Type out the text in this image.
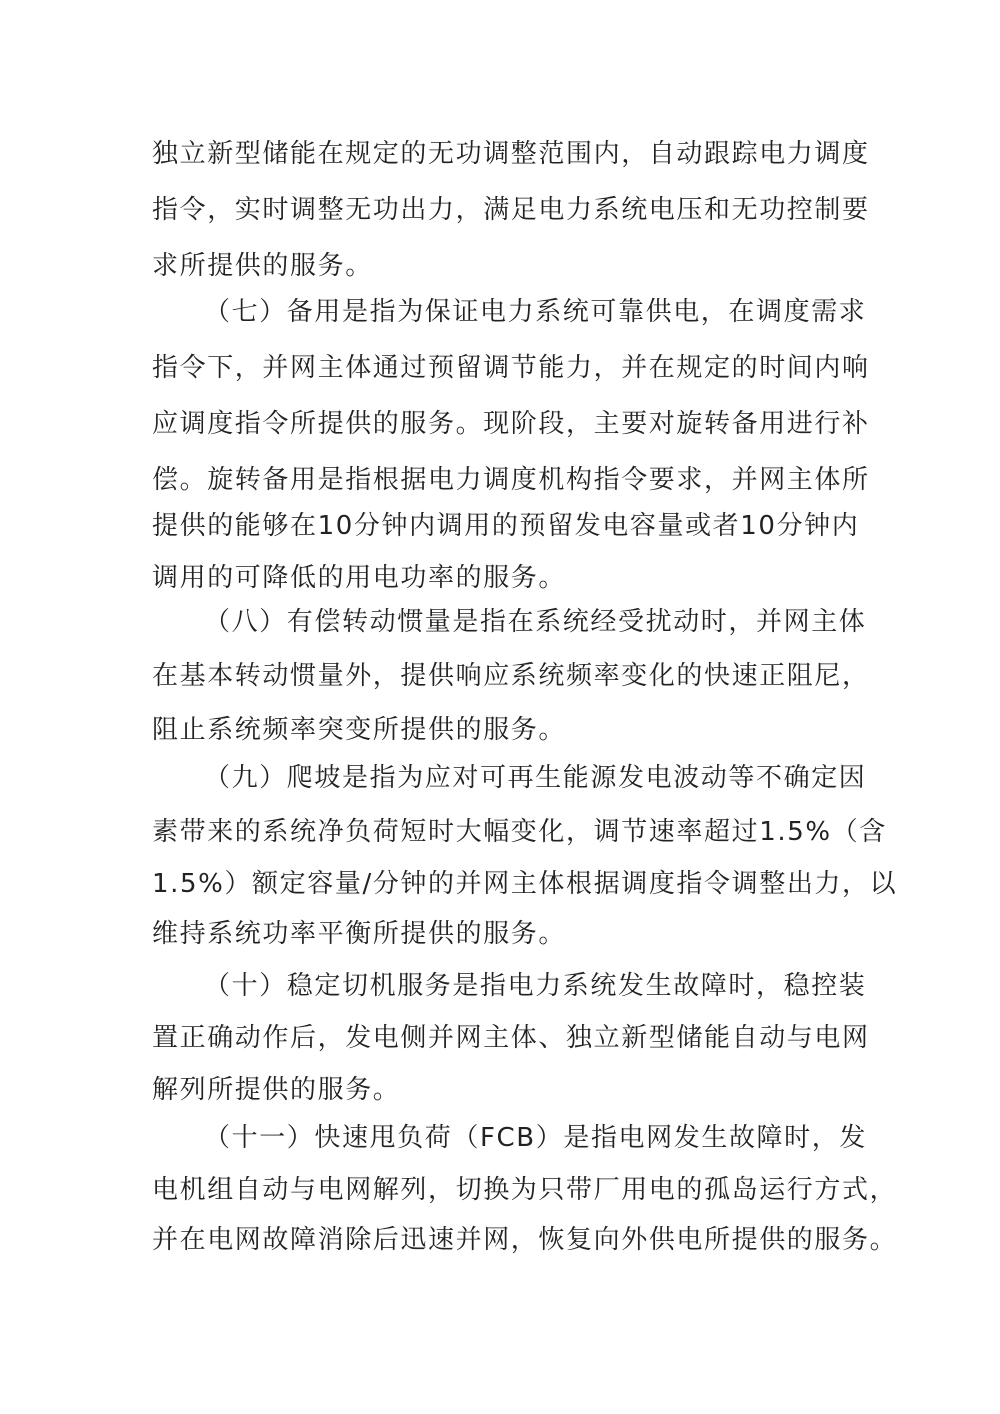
独立新型储能在规定的无功调整范围内，自动跟踪电力调度
指令，实时调整无功出力，满足电力系统电压和无功控制要
求所提供的服务。
（七）备用是指为保证电力系统可靠供电，在调度需求
指令下，并网主体通过预留调节能力，并在规定的时间内响
应调度指令所提供的服务。现阶段，主要对旋转备用进行补
偿。旋转备用是指根据电力调度机构指令要求，并网主体所
提供的能够在10分钟内调用的预留发电容量或者10分钟内
调用的可降低的用电功率的服务。
（八）有偿转动惯量是指在系统经受扰动时，并网主体
在基本转动惯量外，提供响应系统频率变化的快速正阻尼，
阻止系统频率突变所提供的服务。
（九）爬坡是指为应对可再生能源发电波动等不确定因
素带来的系统净负荷短时大幅变化，调节速率超过1.5%（含
1.5%）额定容量/分钟的并网主体根据调度指令调整出力，以
维持系统功率平衡所提供的服务。
（十）稳定切机服务是指电力系统发生故障时，稳控装
置正确动作后，发电侧并网主体、独立新型储能自动与电网
解列所提供的服务。
（十一）快速甩负荷（FCB）是指电网发生故障时，发
电机组自动与电网解列，切换为只带厂用电的孤岛运行方式，
并在电网故障消除后迅速并网，恢复向外供电所提供的服务。
